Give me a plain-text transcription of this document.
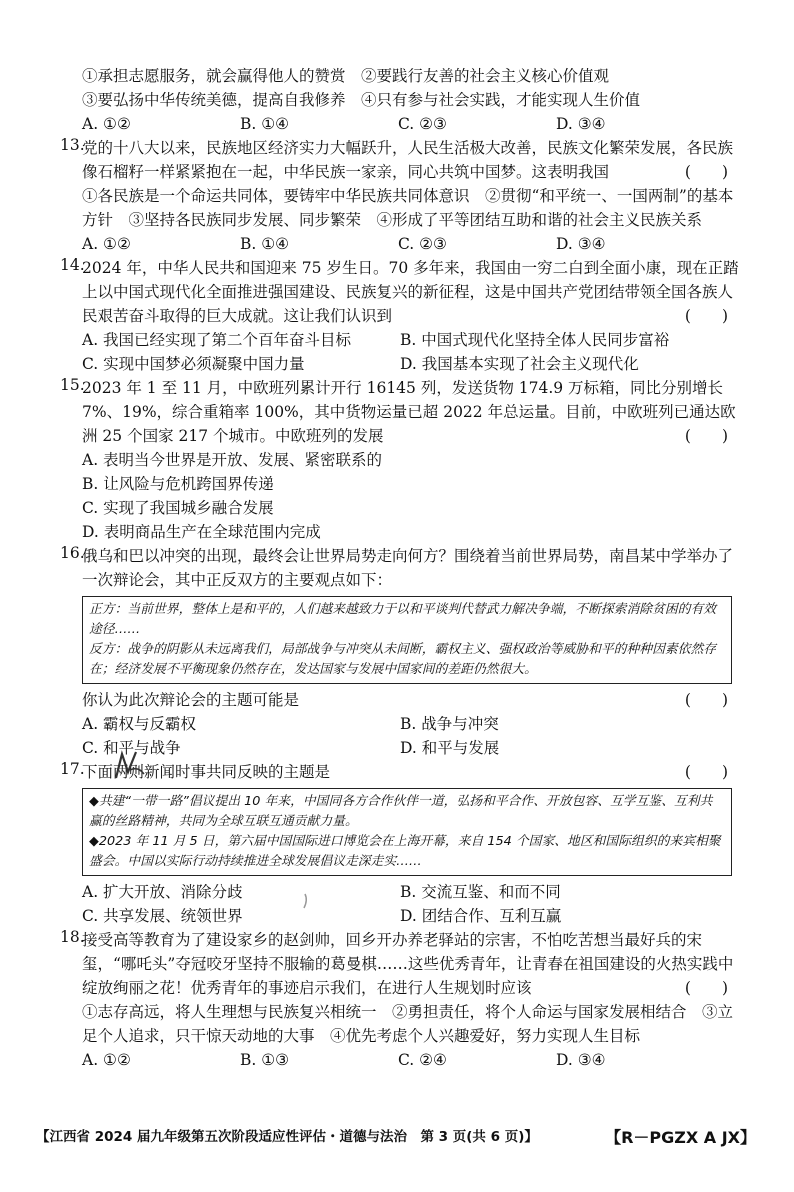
①承担志愿服务，就会赢得他人的赞赏　②要践行友善的社会主义核心价值观
③要弘扬中华传统美德，提高自我修养　④只有参与社会实践，才能实现人生价值
A. ①②	B. ①④	C. ②③	D. ③④
13.
党的十八大以来，民族地区经济实力大幅跃升，人民生活极大改善，民族文化繁荣发展，各民族像石榴籽一样紧紧抱在一起，中华民族一家亲，同心共筑中国梦。这表明我国	(　　)
①各民族是一个命运共同体，要铸牢中华民族共同体意识　②贯彻“和平统一、一国两制”的基本方针　③坚持各民族同步发展、同步繁荣　④形成了平等团结互助和谐的社会主义民族关系
A. ①②	B. ①④	C. ②③	D. ③④
14.
2024 年，中华人民共和国迎来 75 岁生日。70 多年来，我国由一穷二白到全面小康，现在正踏上以中国式现代化全面推进强国建设、民族复兴的新征程，这是中国共产党团结带领全国各族人民艰苦奋斗取得的巨大成就。这让我们认识到	(　　)
A. 我国已经实现了第二个百年奋斗目标	B. 中国式现代化坚持全体人民同步富裕
C. 实现中国梦必须凝聚中国力量	D. 我国基本实现了社会主义现代化
15.
2023 年 1 至 11 月，中欧班列累计开行 16145 列，发送货物 174.9 万标箱，同比分别增长 7%、19%，综合重箱率 100%，其中货物运量已超 2022 年总运量。目前，中欧班列已通达欧洲 25 个国家 217 个城市。中欧班列的发展	(　　)
A. 表明当今世界是开放、发展、紧密联系的
B. 让风险与危机跨国界传递
C. 实现了我国城乡融合发展
D. 表明商品生产在全球范围内完成
16.
俄乌和巴以冲突的出现，最终会让世界局势走向何方？围绕着当前世界局势，南昌某中学举办了一次辩论会，其中正反双方的主要观点如下：
正方：当前世界，整体上是和平的，人们越来越致力于以和平谈判代替武力解决争端，不断探索消除贫困的有效途径……
反方：战争的阴影从未远离我们，局部战争与冲突从未间断，霸权主义、强权政治等威胁和平的种种因素依然存在；经济发展不平衡现象仍然存在，发达国家与发展中国家间的差距仍然很大。
你认为此次辩论会的主题可能是	(　　)
A. 霸权与反霸权	B. 战争与冲突
C. 和平与战争	D. 和平与发展
17.
下面两则新闻时事共同反映的主题是	(　　)
◆共建“一带一路”倡议提出 10 年来，中国同各方合作伙伴一道，弘扬和平合作、开放包容、互学互鉴、互利共赢的丝路精神，共同为全球互联互通贡献力量。
◆2023 年 11 月 5 日，第六届中国国际进口博览会在上海开幕，来自 154 个国家、地区和国际组织的来宾相聚盛会。中国以实际行动持续推进全球发展倡议走深走实……
A. 扩大开放、消除分歧	B. 交流互鉴、和而不同
C. 共享发展、统领世界	D. 团结合作、互利互赢
18.
接受高等教育为了建设家乡的赵剑帅，回乡开办养老驿站的宗害，不怕吃苦想当最好兵的宋玺，“哪吒头”夺冠咬牙坚持不服输的葛曼棋……这些优秀青年，让青春在祖国建设的火热实践中绽放绚丽之花！优秀青年的事迹启示我们，在进行人生规划时应该	(　　)
①志存高远，将人生理想与民族复兴相统一　②勇担责任，将个人命运与国家发展相结合　③立足个人追求，只干惊天动地的大事　④优先考虑个人兴趣爱好，努力实现人生目标
A. ①②	B. ①③	C. ②④	D. ③④
【江西省 2024 届九年级第五次阶段适应性评估・道德与法治　第 3 页(共 6 页)】	【R－PGZX A JX】
